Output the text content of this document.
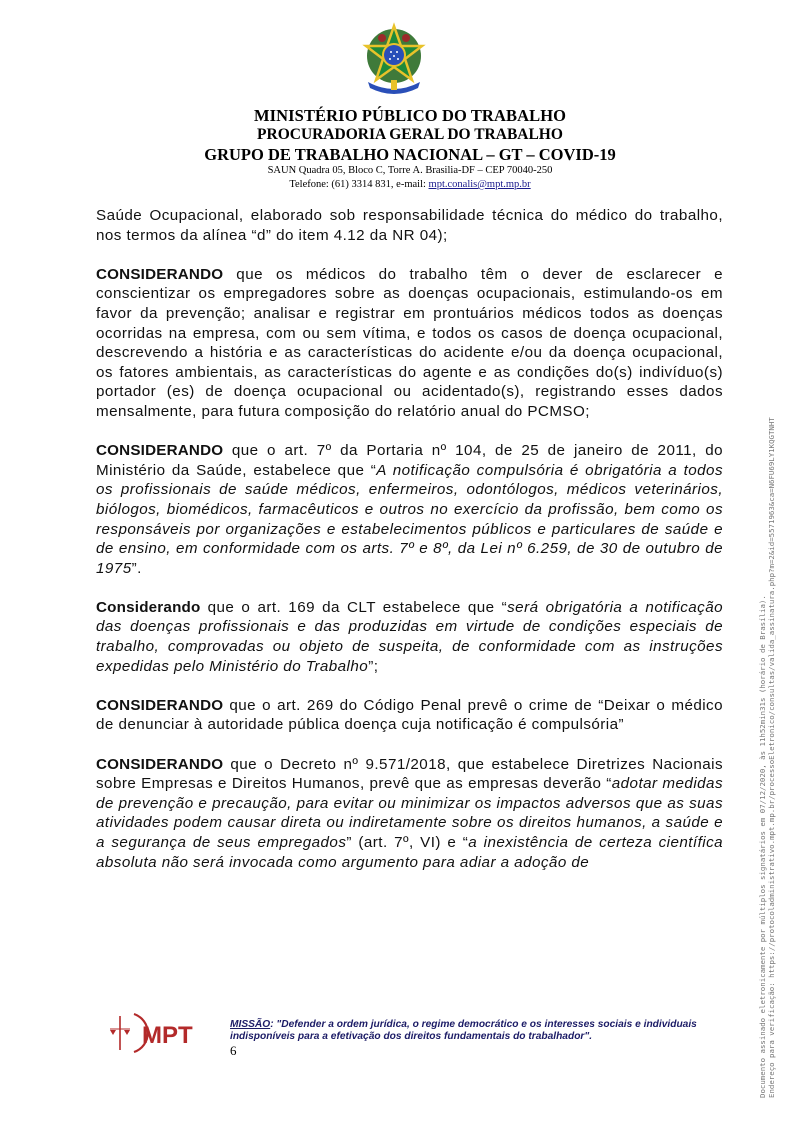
MINISTÉRIO PÚBLICO DO TRABALHO
PROCURADORIA GERAL DO TRABALHO
GRUPO DE TRABALHO NACIONAL – GT – COVID-19
SAUN Quadra 05, Bloco C, Torre A. Brasilia-DF – CEP 70040-250
Telefone: (61) 3314 831, e-mail: mpt.conalis@mpt.mp.br

Saúde Ocupacional, elaborado sob responsabilidade técnica do médico do trabalho, nos termos da alínea “d” do item 4.12 da NR 04);

CONSIDERANDO que os médicos do trabalho têm o dever de esclarecer e conscientizar os empregadores sobre as doenças ocupacionais, estimulando-os em favor da prevenção; analisar e registrar em prontuários médicos todos as doenças ocorridas na empresa, com ou sem vítima, e todos os casos de doença ocupacional, descrevendo a história e as características do acidente e/ou da doença ocupacional, os fatores ambientais, as características do agente e as condições do(s) indivíduo(s) portador (es) de doença ocupacional ou acidentado(s), registrando esses dados mensalmente, para futura composição do relatório anual do PCMSO;

CONSIDERANDO que o art. 7º da Portaria nº 104, de 25 de janeiro de 2011, do Ministério da Saúde, estabelece que “A notificação compulsória é obrigatória a todos os profissionais de saúde médicos, enfermeiros, odontólogos, médicos veterinários, biólogos, biomédicos, farmacêuticos e outros no exercício da profissão, bem como os responsáveis por organizações e estabelecimentos públicos e particulares de saúde e de ensino, em conformidade com os arts. 7º e 8º, da Lei nº 6.259, de 30 de outubro de 1975”.

Considerando que o art. 169 da CLT estabelece que “será obrigatória a notificação das doenças profissionais e das produzidas em virtude de condições especiais de trabalho, comprovadas ou objeto de suspeita, de conformidade com as instruções expedidas pelo Ministério do Trabalho”;

CONSIDERANDO que o art. 269 do Código Penal prevê o crime de “Deixar o médico de denunciar à autoridade pública doença cuja notificação é compulsória”

CONSIDERANDO que o Decreto nº 9.571/2018, que estabelece Diretrizes Nacionais sobre Empresas e Direitos Humanos, prevê que as empresas deverão “adotar medidas de prevenção e precaução, para evitar ou minimizar os impactos adversos que as suas atividades podem causar direta ou indiretamente sobre os direitos humanos, a saúde e a segurança de seus empregados” (art. 7º, VI) e “a inexistência de certeza científica absoluta não será invocada como argumento para adiar a adoção de	Documento assinado eletronicamente por múltiplos signatários em 07/12/2020, às 11h52min31s (horário de Brasília). Endereço para verificação: https://protocoladministrativo.mpt.mp.br/processoEletronico/consultas/valida_assinatura.php?m=2&id=5571963&ca=N6FU69LY1KQGTNHT
MPT	MISSÃO: "Defender a ordem jurídica, o regime democrático e os interesses sociais e individuais indisponíveis para a efetivação dos direitos fundamentais do trabalhador".
6
